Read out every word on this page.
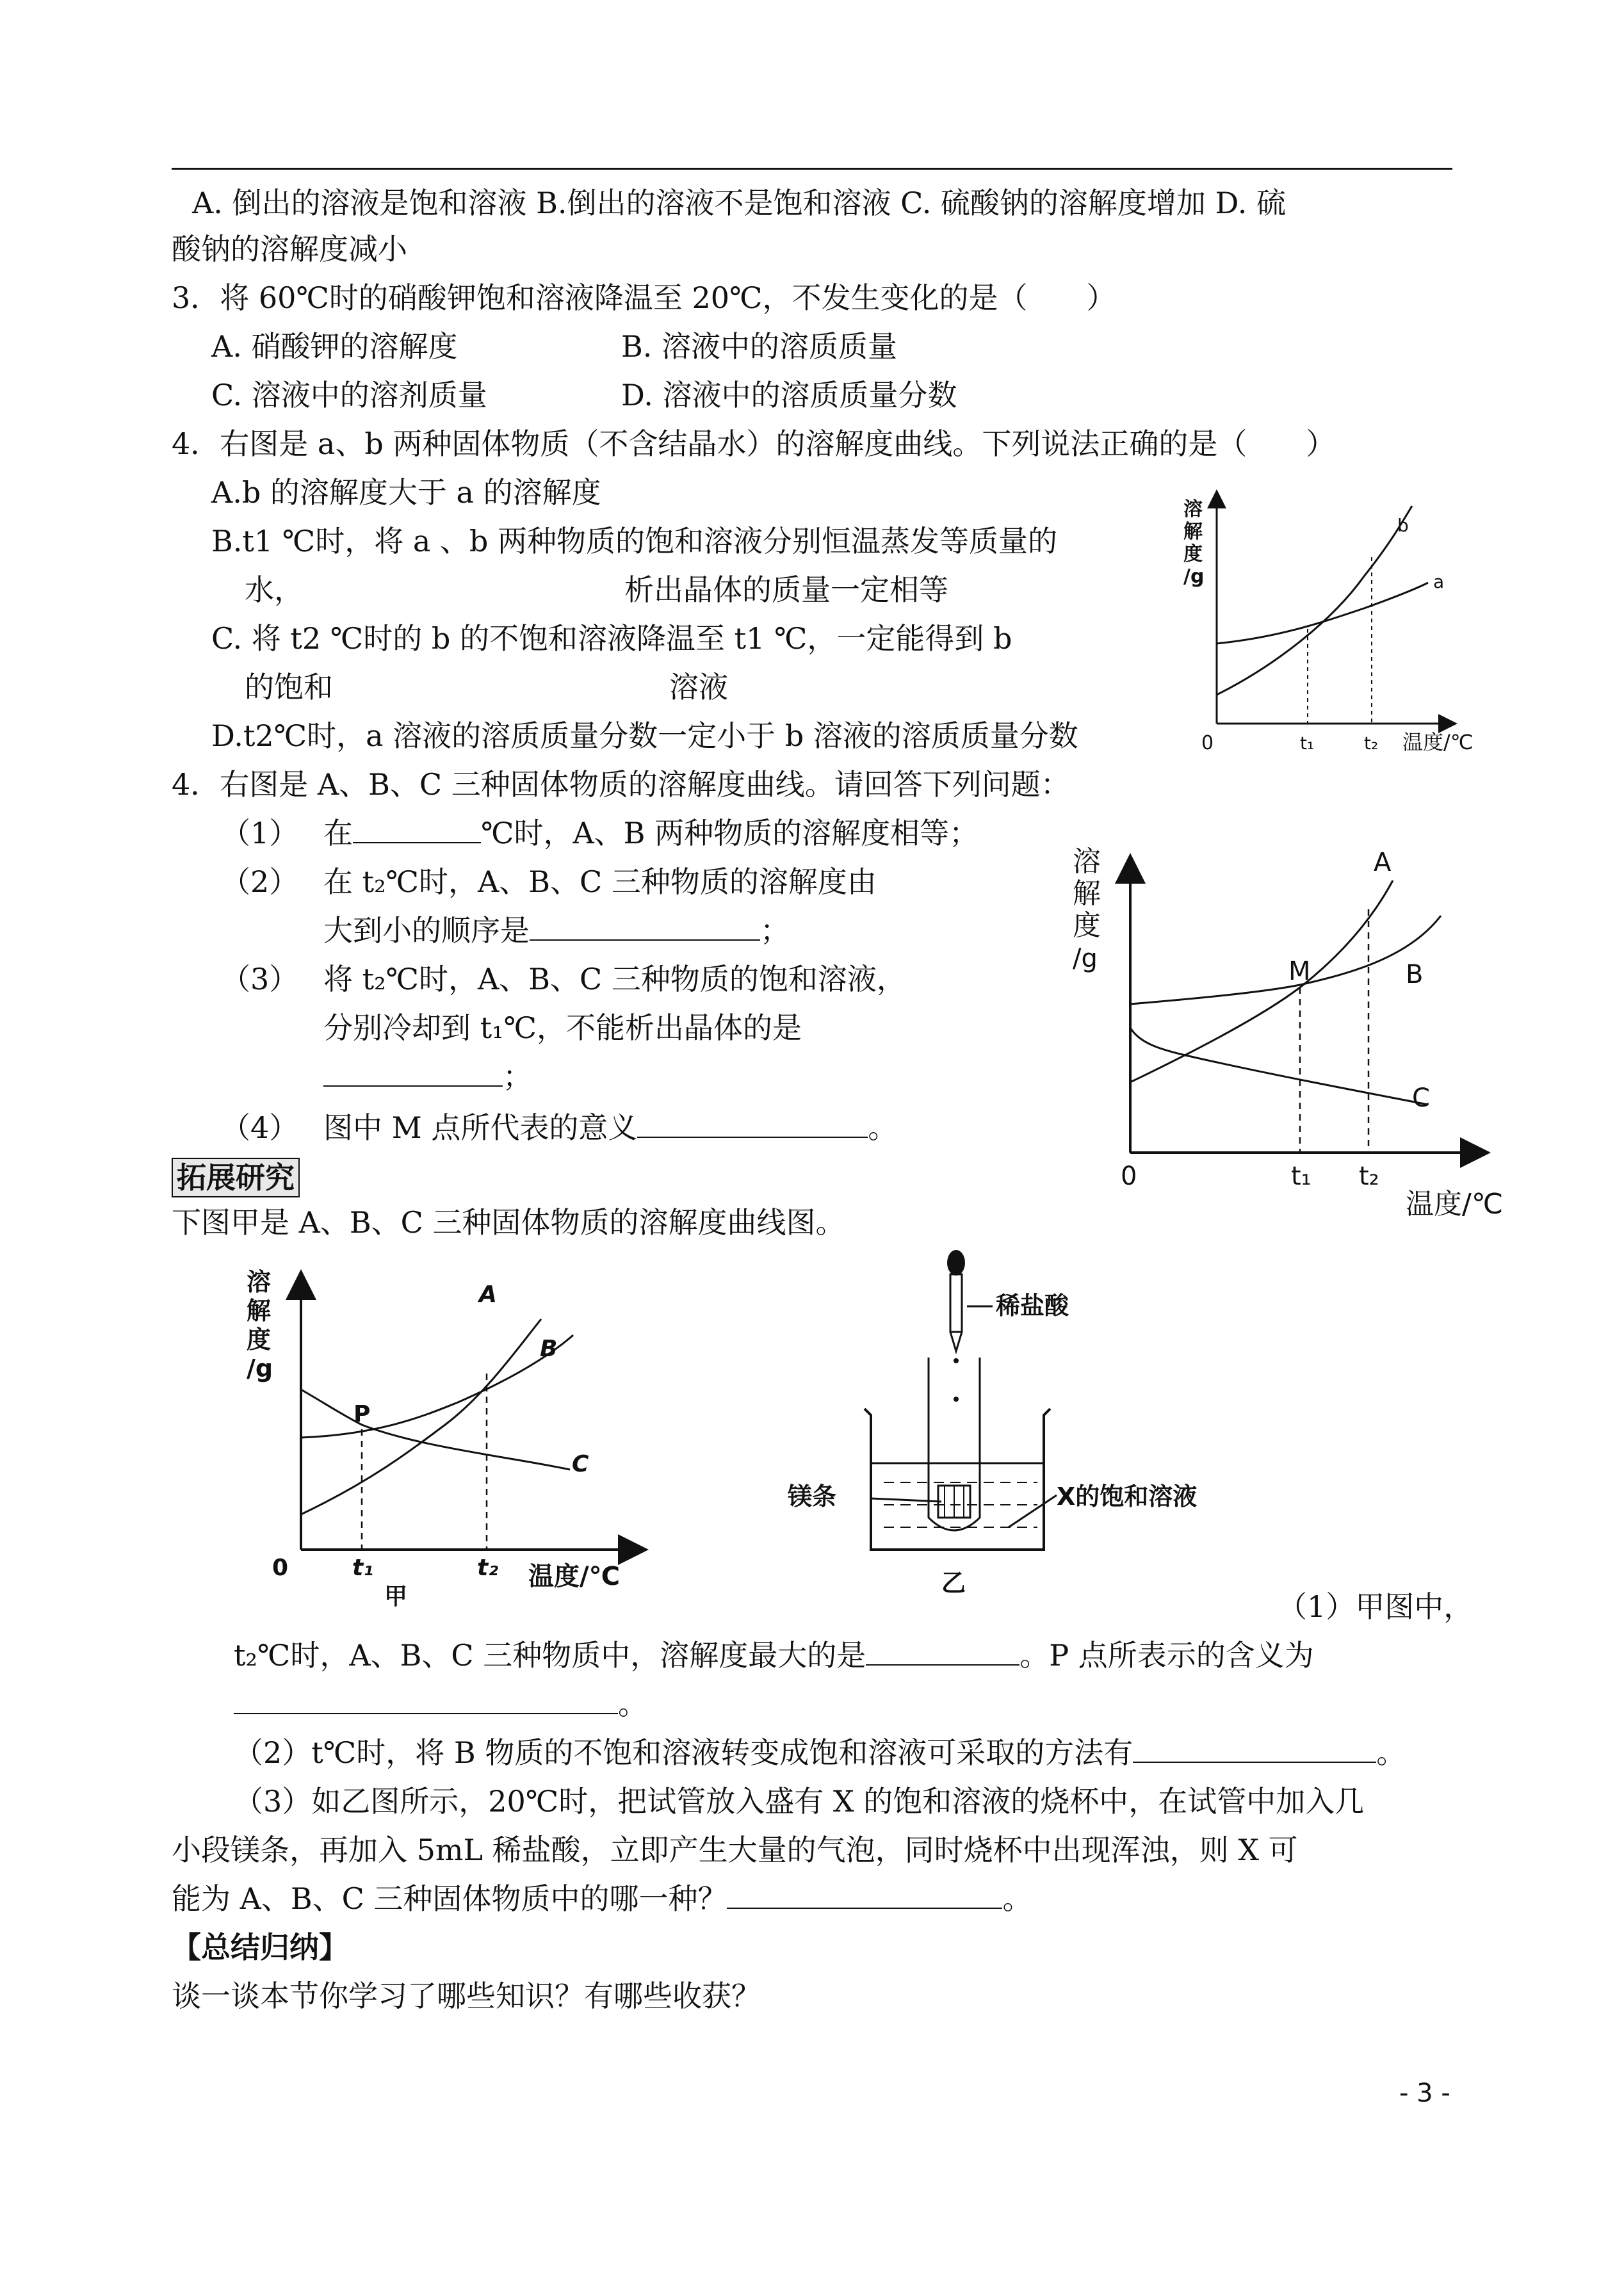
A. 倒出的溶液是饱和溶液 B.倒出的溶液不是饱和溶液 C. 硫酸钠的溶解度增加 D. 硫
酸钠的溶解度减小
3．将 60℃时的硝酸钾饱和溶液降温至 20℃，不发生变化的是（　　）
A. 硝酸钾的溶解度	B. 溶液中的溶质质量
C. 溶液中的溶剂质量	D. 溶液中的溶质质量分数
4．右图是 a、b 两种固体物质（不含结晶水）的溶解度曲线。下列说法正确的是（　　）
A.b 的溶解度大于 a 的溶解度
B.t1 ℃时，将 a 、b 两种物质的饱和溶液分别恒温蒸发等质量的
水，	析出晶体的质量一定相等
C. 将 t2 ℃时的 b 的不饱和溶液降温至 t1 ℃，一定能得到 b
的饱和	溶液
D.t2℃时，a 溶液的溶质质量分数一定小于 b 溶液的溶质质量分数
溶
解
度
/g
0	t₁	t₂ 温度/℃
b
a
4．右图是 A、B、C 三种固体物质的溶解度曲线。请回答下列问题：
（1） 在	℃时，A、B 两种物质的溶解度相等；
（2） 在 t₂℃时，A、B、C 三种物质的溶解度由
大到小的顺序是	；
（3） 将 t₂℃时，A、B、C 三种物质的饱和溶液，
分别冷却到 t₁℃，不能析出晶体的是
；
（4） 图中 M 点所代表的意义	。
溶
解
度
/g
A
B
C
M
0	t₁ t₂
温度/℃
拓展研究
下图甲是 A、B、C 三种固体物质的溶解度曲线图。
溶
解
度
/g
A
B
C
P
0	t₁	t₂ 温度/℃
甲
稀盐酸
镁条	X的饱和溶液
乙
（1）甲图中，
t₂℃时，A、B、C 三种物质中，溶解度最大的是	。P 点所表示的含义为
。
（2）t℃时，将 B 物质的不饱和溶液转变成饱和溶液可采取的方法有	。
（3）如乙图所示，20℃时，把试管放入盛有 X 的饱和溶液的烧杯中，在试管中加入几
小段镁条，再加入 5mL 稀盐酸，立即产生大量的气泡，同时烧杯中出现浑浊，则 X 可
能为 A、B、C 三种固体物质中的哪一种？	。
【总结归纳】
谈一谈本节你学习了哪些知识？有哪些收获？
- 3 -
